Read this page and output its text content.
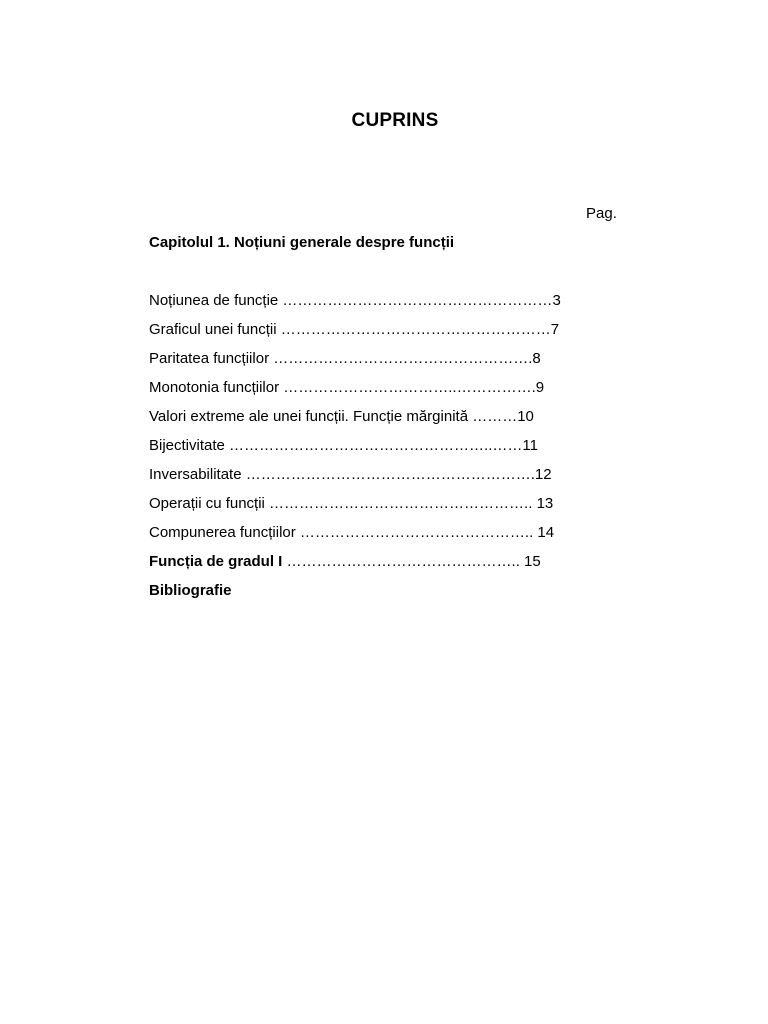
CUPRINS
Pag.
Capitolul 1. Noțiuni generale despre funcții
Noțiunea de funcție ………………………………………………3
Graficul unei funcții ………………………………………………7
Paritatea funcțiilor …………………………………………….8
Monotonia funcțiilor ……………………………..…………….9
Valori extreme ale unei funcții. Funcție mărginită ………10
Bijectivitate ……………………………………………..……11
Inversabilitate ………………………………………………….12
Operații cu funcții …………………………………………….. 13
Compunerea funcțiilor ……………………………………….. 14
Funcția de gradul I ……………………………………….. 15
Bibliografie
